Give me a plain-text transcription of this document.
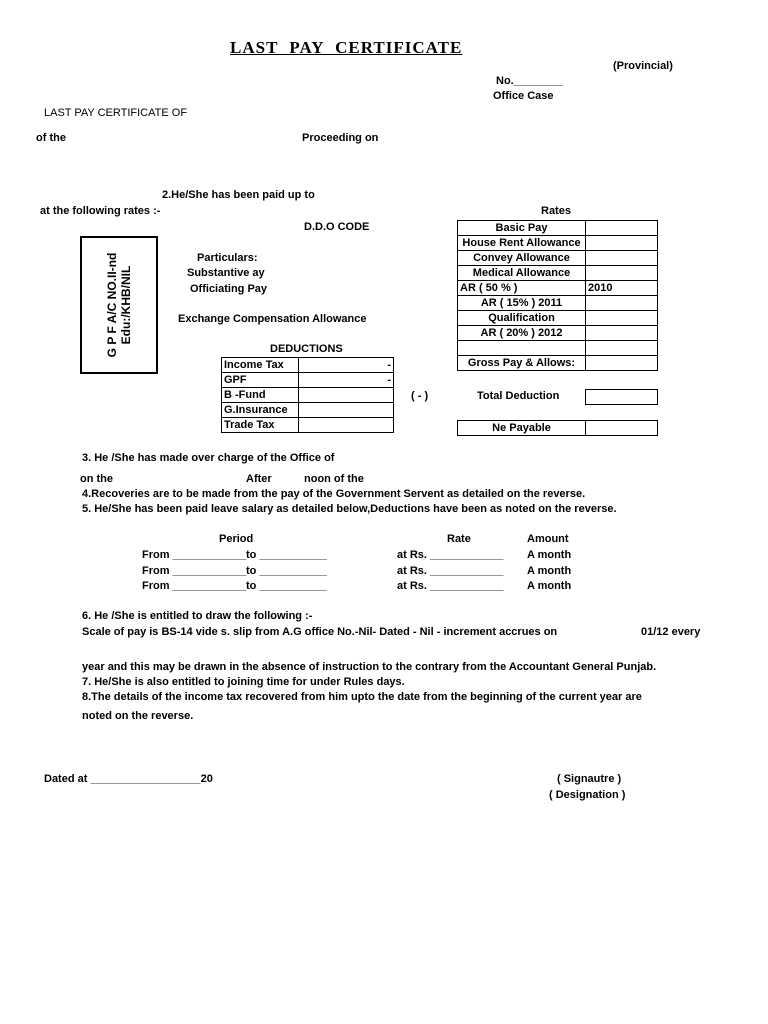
LAST PAY CERTIFICATE
(Provincial)
No.________
Office Case
LAST PAY CERTIFICATE OF
of the	Proceeding on
2.He/She has been paid up to
at the following rates :-
D.D.O CODE
Rates
G P F A/C NO.II-nd Edu:/KHB/NIL
Particulars:
Substantive ay
Officiating Pay
Exchange Compensation Allowance
Basic Pay	
House Rent Allowance	
Convey Allowance	
Medical Allowance	
AR ( 50 % )	2010
AR ( 15% ) 2011	
Qualification	
AR ( 20% ) 2012	

Gross Pay & Allows:	
DEDUCTIONS
Income Tax	-
GPF	-
B -Fund	
G.Insurance	
Trade Tax	
( - )	Total Deduction
Ne Payable	
3. He /She has made over charge of the Office of
on the	After	noon of the
4.Recoveries are to be made from the pay of the Government Servent as detailed on the reverse.
5. He/She has been paid leave salary as detailed below,Deductions have been as noted on the reverse.
Period	Rate	Amount
From ____________to ___________	at Rs. ____________ A month
From ____________to ___________	at Rs. ____________ A month
From ____________to ___________	at Rs. ____________ A month
6. He /She is entitled to draw the following :-
Scale of pay is BS-14 vide s. slip from A.G office No.-Nil- Dated - Nil - increment accrues on	01/12 every
year and this may be drawn in the absence of instruction to the contrary from the Accountant General Punjab.
7. He/She is also entitled to joining time for under Rules days.
8.The details of the income tax recovered from him upto the date from the beginning of the current year are
noted on the reverse.
Dated at __________________20	( Signautre )
( Designation )
